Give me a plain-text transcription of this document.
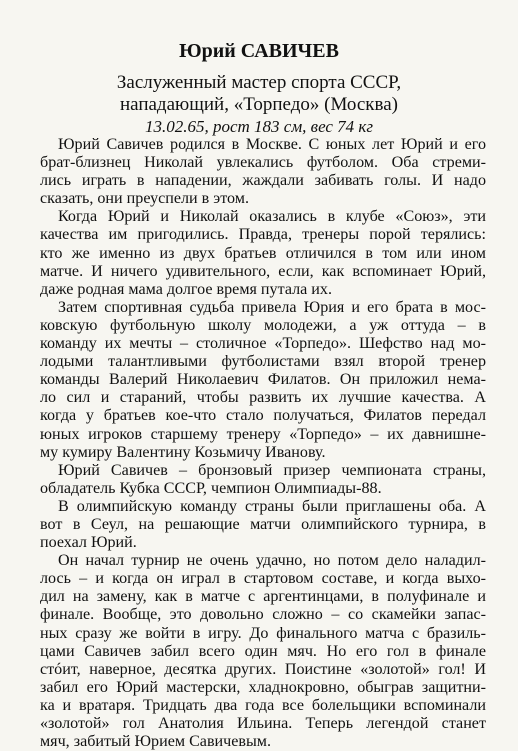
Юрий САВИЧЕВ
Заслуженный мастер спорта СССР,
нападающий, «Торпедо» (Москва)
13.02.65, рост 183 см, вес 74 кг
Юрий Савичев родился в Москве. С юных лет Юрий и его
брат-близнец Николай увлекались футболом. Оба стреми-
лись играть в нападении, жаждали забивать голы. И надо
сказать, они преуспели в этом.
Когда Юрий и Николай оказались в клубе «Союз», эти
качества им пригодились. Правда, тренеры порой терялись:
кто же именно из двух братьев отличился в том или ином
матче. И ничего удивительного, если, как вспоминает Юрий,
даже родная мама долгое время путала их.
Затем спортивная судьба привела Юрия и его брата в мос-
ковскую футбольную школу молодежи, а уж оттуда – в
команду их мечты – столичное «Торпедо». Шефство над мо-
лодыми талантливыми футболистами взял второй тренер
команды Валерий Николаевич Филатов. Он приложил нема-
ло сил и стараний, чтобы развить их лучшие качества. А
когда у братьев кое-что стало получаться, Филатов передал
юных игроков старшему тренеру «Торпедо» – их давнишне-
му кумиру Валентину Козьмичу Иванову.
Юрий Савичев – бронзовый призер чемпионата страны,
обладатель Кубка СССР, чемпион Олимпиады-88.
В олимпийскую команду страны были приглашены оба. А
вот в Сеул, на решающие матчи олимпийского турнира, в
поехал Юрий.
Он начал турнир не очень удачно, но потом дело наладил-
лось – и когда он играл в стартовом составе, и когда выхо-
дил на замену, как в матче с аргентинцами, в полуфинале и
финале. Вообще, это довольно сложно – со скамейки запас-
ных сразу же войти в игру. До финального матча с бразиль-
цами Савичев забил всего один мяч. Но его гол в финале
стóит, наверное, десятка других. Поистине «золотой» гол! И
забил его Юрий мастерски, хладнокровно, обыграв защитни-
ка и вратаря. Тридцать два года все болельщики вспоминали
«золотой» гол Анатолия Ильина. Теперь легендой станет
мяч, забитый Юрием Савичевым.
